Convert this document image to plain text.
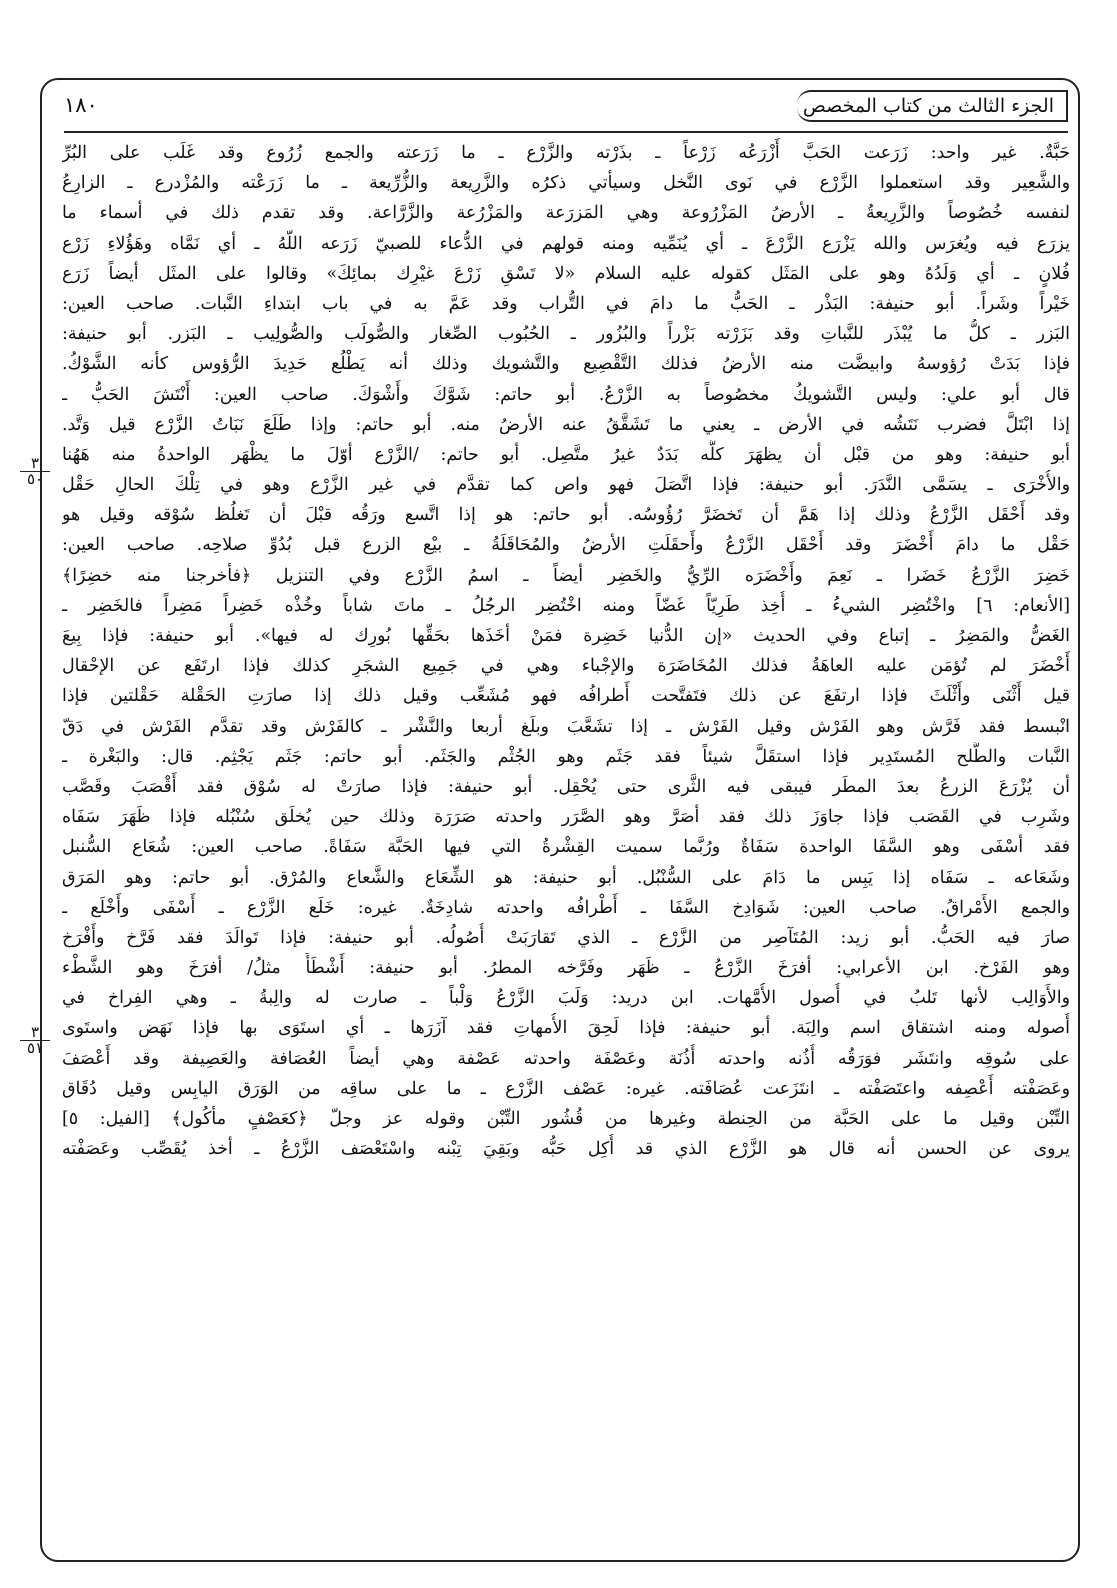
الجزء الثالث من كتاب المخصص
١٨٠
حَبَّةٌ. غير واحد: زَرَعت الحَبَّ أَزْرَعُه زَرْعاً ـ بذَرْته والزَّرْع ـ ما زَرَعته والجمع زُرُوع وقد غَلَب على البُرِّ
والشَّعِير وقد استعملوا الزَّرْع في نَوى النَّخل وسيأتي ذكرُه والزَّرِيعة والزُّرِّيعة ـ ما زَرَعْته والمُزْدرع ـ الزارِعُ
لنفسه خُصُوصاً والزَّرِيعةُ ـ الأرضُ المَزْرُوعة وهي المَزرَعة والمَزْرُعة والزَّرَّاعة. وقد تقدم ذلك في أسماء ما
يزرَع فيه ويُغرَس والله يَزْرَع الزَّرْعَ ـ أي يُنَمِّيه ومنه قولهم في الدُّعاء للصبيّ زَرَعه اللّهُ ـ أي نَمَّاه وهَؤُلاءِ زَرْع
فُلانٍ ـ أي وَلَدُهُ وهو على المَثَل كقوله عليه السلام «لا تَسْقِ زَرْعَ غيْرِك بمائِكَ» وقالوا على المثَل أيضاً زَرَع
خَيْراً وشَراً. أبو حنيفة: البَذْر ـ الحَبُّ ما دامَ في التُّراب وقد عَمَّ به في باب ابتداءِ النَّبات. صاحب العين:
البَزر ـ كلُّ ما يُبْذَر للنَّباتِ وقد بَزَرْته بَزْراً والبُزُور ـ الحُبُوب الصِّغار والصُّولَب والصُّولِيب ـ البَزر. أبو حنيفة:
فإذا بَدَتْ رُؤوسهُ وابيضَّت منه الأرضُ فذلك التَّقْصِيع والتَّشويك وذلك أنه يَطْلُع حَدِيدَ الرُّؤوس كأنه الشَّوْكُ.
قال أبو علي: وليس التَّشويكُ مخصُوصاً به الزَّرْعُ. أبو حاتم: شَوَّكَ وأَشْوَكَ. صاحب العين: أَنْتَشَ الحَبُّ ـ
إذا ابْتَلَّ فضرب نَتَشُه في الأرض ـ يعني ما تَشَقَّقُ عنه الأرضُ منه. أبو حاتم: وإذا طَلَعَ نَبَاتُ الزَّرْع قيل وَتَّد.
أبو حنيفة: وهو من قبْل أن يظهَرَ كلُّه بَدَدٌ غيرُ متَّصِل. أبو حاتم: /الزَّرْع أوّلَ ما يظْهَر الواحدةُ منه هَهُنا
والأُخْرَى ـ يسَمَّى النَّدَرَ. أبو حنيفة: فإذا اتَّصَلَ فهو واص كما تقدَّم في غير الزَّرْع وهو في تِلْكَ الحالِ حَقْل
وقد أَحْقَل الزَّرْعُ وذلك إذا هَمَّ أن تَخضَرَّ رُؤُوسُه. أبو حاتم: هو إذا اتَّسع ورَقُه قبْلَ أن تَغلُظ سُوْقه وقيل هو
حَقْل ما دامَ أَخْضَرَ وقد أَحْقَل الزَّرْعُ وأَحقَلَتِ الأرضُ والمُحَاقَلَةُ ـ بيْع الزرع قبل بُدُوِّ صلاحِه. صاحب العين:
خَضِرَ الزَّرْعُ خَضَرا ـ نَعِمَ وأَخْضَرَه الرِّيُّ والخَضِر أيضاً ـ اسمُ الزَّرْع وفي التنزيل ﴿فأخرجنا منه خضِرًا﴾
[الأنعام: ٦] واخْتُضِر الشيءُ ـ أُخِذ طَرِيّاً غَضّاً ومنه اخْتُضِر الرجُلُ ـ ماتَ شاباً وخُذْه خَضِراً مَضِراً فالخَضِر ـ
الغَضُّ والمَضِرُ ـ إتباع وفي الحديث «إن الدُّنيا خَضِرة فمَنْ أخَذَها بحَقِّها بُورِك له فيها». أبو حنيفة: فإذا بِيعَ
أَخْضَرَ لم تُؤمَن عليه العاهَةُ فذلك المُخَاضَرَة والإجْباء وهي في جَمِيع الشجَرِ كذلك فإذا ارتَفَع عن الإحْقال
قيل أَثْنَى وأَثْلَثَ فإذا ارتفَعَ عن ذلك فتَفتَّحت أَطرافُه فهو مُشَعِّب وقيل ذلك إذا صارَتِ الحَقْلة حَقْلتين فإذا
انْبسط فقد فَرَّش وهو الفَرْش وقيل الفَرْش ـ إذا تشَعَّبَ وبلَغ أربعا والنَّشْر ـ كالفَرْش وقد تقدَّم الفَرْش في دَقّ
النَّبات والطَّلح المُستَدِير فإذا استقَلَّ شيئاً فقد جَثَم وهو الجُثْم والجَثَم. أبو حاتم: جَثَم يَجْثِم. قال: والبَغْرة ـ
أن يُزْرَعَ الزرعُ بعدَ المطَر فيبقى فيه الثَّرى حتى يُحْقِل. أبو حنيفة: فإذا صارَتْ له سُوْق فقد أَقْصَبَ وقَصَّب
وشَرِب في القَصَب فإذا جاوَزَ ذلك فقد أصَرَّ وهو الصَّرَر واحدته صَرَرَة وذلك حين يُخلَق سُنْبُله فإذا ظَهَرَ سَفَاه
فقد أسْفَى وهو السَّفَا الواحدة سَفَاةٌ ورُبَّما سميت القِشْرةُ التي فيها الحَبَّة سَفَاةً. صاحب العين: شُعَاع السُّنبل
وشَعَاعه ـ سَفَاه إذا يَبِس ما دَامَ على السُّنْبُل. أبو حنيفة: هو الشِّعَاع والشَّعاع والمُرْق. أبو حاتم: وهو المَرَق
والجمع الأَمْراقُ. صاحب العين: شَوَادِخ السَّفَا ـ أَطْرافُه واحدته شادِخَةٌ. غيره: خَلَع الزَّرْع ـ أَسْفَى وأَخْلَع ـ
صارَ فيه الحَبُّ. أبو زيد: المُتَآصِر من الزَّرْع ـ الذي تَقارَبَتْ أُصُولُه. أبو حنيفة: فإذا تَوالَدَ فقد فَرَّخ وأَفْرَخ
وهو الفَرْخ. ابن الأعرابي: أفرَخَ الزَّرْعُ ـ ظَهَر وفَرَّخه المطرُ. أبو حنيفة: أَشْطَأَ مثلُ/ أفرَخَ وهو الشَّطْء
والأَوَالِب لأنها تَلبُ في أُصول الأُمَّهات. ابن دريد: وَلَبَ الزَّرْعُ وَلْباً ـ صارت له والِبةُ ـ وهي الفِراخ في
أُصوله ومنه اشتقاق اسم والِبَة. أبو حنيفة: فإذا لَحِقَ الأُمهاتِ فقد آزَرَها ـ أي استَوَى بها فإذا نَهَض واستَوى
على سُوقِه وانتَشَر فوَرَقُه أُذُنه واحدته أُذُنَة وعَصْفَة واحدته عَصْفة وهي أيضاً العُصَافة والعَصِيفة وقد أَعْصَفَ
وعَصَفْته أَعْصِفه واعتَصَفْته ـ انتَزَعت عُصَافَته. غيره: عَصْف الزَّرْع ـ ما على ساقِه من الوَرَق اليابِس وقيل دُقَاق
التِّبْن وقيل ما على الحَبَّة من الحِنطة وغيرها من قُشُور التِّبْن وقوله عز وجلّ ﴿كعَصْفٍ مأكُول﴾ [الفيل: ٥]
يروى عن الحسن أنه قال هو الزَّرْع الذي قد أُكِل حَبُّه وبَقِيَ تِبْنه واسْتَعْصَف الزَّرْعُ ـ أخذ يُقَصِّب وعَصَفْته
٣
٥٠
٣
٥١
